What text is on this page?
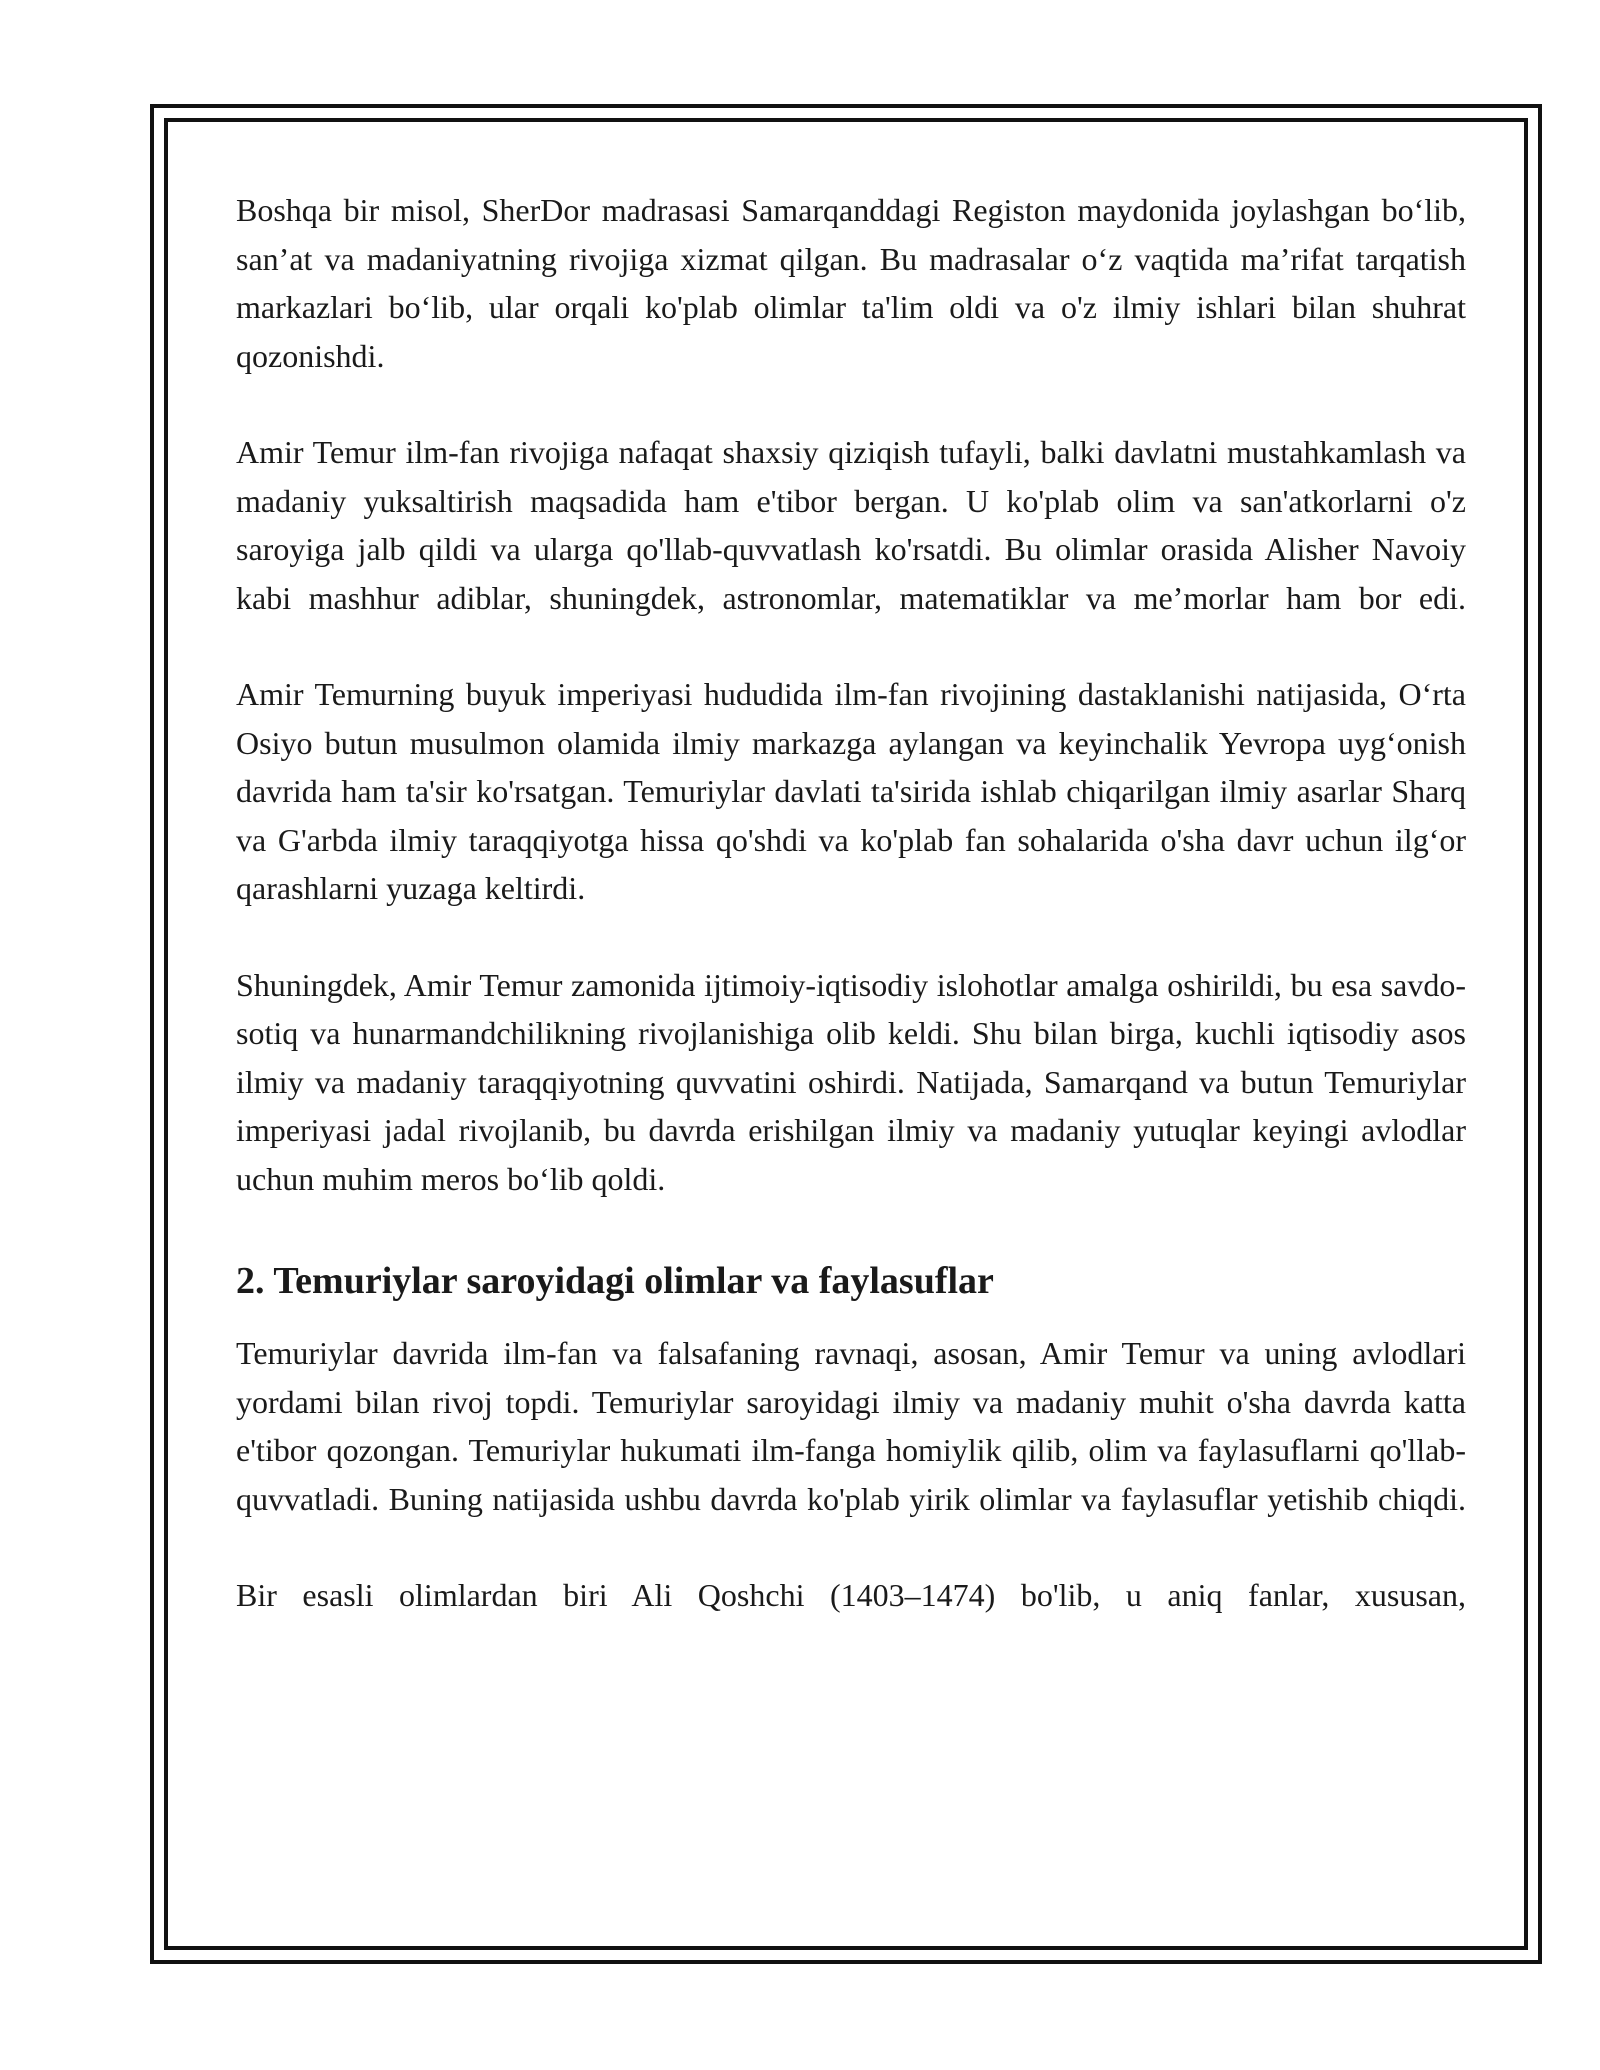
Boshqa bir misol, SherDor madrasasi Samarqanddagi Registon maydonida joylashgan bo‘lib, san’at va madaniyatning rivojiga xizmat qilgan. Bu madrasalar o‘z vaqtida ma’rifat tarqatish markazlari bo‘lib, ular orqali ko'plab olimlar ta'lim oldi va o'z ilmiy ishlari bilan shuhrat qozonishdi.

Amir Temur ilm-fan rivojiga nafaqat shaxsiy qiziqish tufayli, balki davlatni mustahkamlash va madaniy yuksaltirish maqsadida ham e'tibor bergan. U ko'plab olim va san'atkorlarni o'z saroyiga jalb qildi va ularga qo'llab-quvvatlash ko'rsatdi. Bu olimlar orasida Alisher Navoiy kabi mashhur adiblar, shuningdek, astronomlar, matematiklar va me’morlar ham bor edi.

Amir Temurning buyuk imperiyasi hududida ilm-fan rivojining dastaklanishi natijasida, O‘rta Osiyo butun musulmon olamida ilmiy markazga aylangan va keyinchalik Yevropa uyg‘onish davrida ham ta'sir ko'rsatgan. Temuriylar davlati ta'sirida ishlab chiqarilgan ilmiy asarlar Sharq va G'arbda ilmiy taraqqiyotga hissa qo'shdi va ko'plab fan sohalarida o'sha davr uchun ilg‘or qarashlarni yuzaga keltirdi.

Shuningdek, Amir Temur zamonida ijtimoiy-iqtisodiy islohotlar amalga oshirildi, bu esa savdo-sotiq va hunarmandchilikning rivojlanishiga olib keldi. Shu bilan birga, kuchli iqtisodiy asos ilmiy va madaniy taraqqiyotning quvvatini oshirdi. Natijada, Samarqand va butun Temuriylar imperiyasi jadal rivojlanib, bu davrda erishilgan ilmiy va madaniy yutuqlar keyingi avlodlar uchun muhim meros bo‘lib qoldi.

2. Temuriylar saroyidagi olimlar va faylasuflar

Temuriylar davrida ilm-fan va falsafaning ravnaqi, asosan, Amir Temur va uning avlodlari yordami bilan rivoj topdi. Temuriylar saroyidagi ilmiy va madaniy muhit o'sha davrda katta e'tibor qozongan. Temuriylar hukumati ilm-fanga homiylik qilib, olim va faylasuflarni qo'llab-quvvatladi. Buning natijasida ushbu davrda ko'plab yirik olimlar va faylasuflar yetishib chiqdi.

Bir esasli olimlardan biri Ali Qoshchi (1403–1474) bo'lib, u aniq fanlar, xususan,
